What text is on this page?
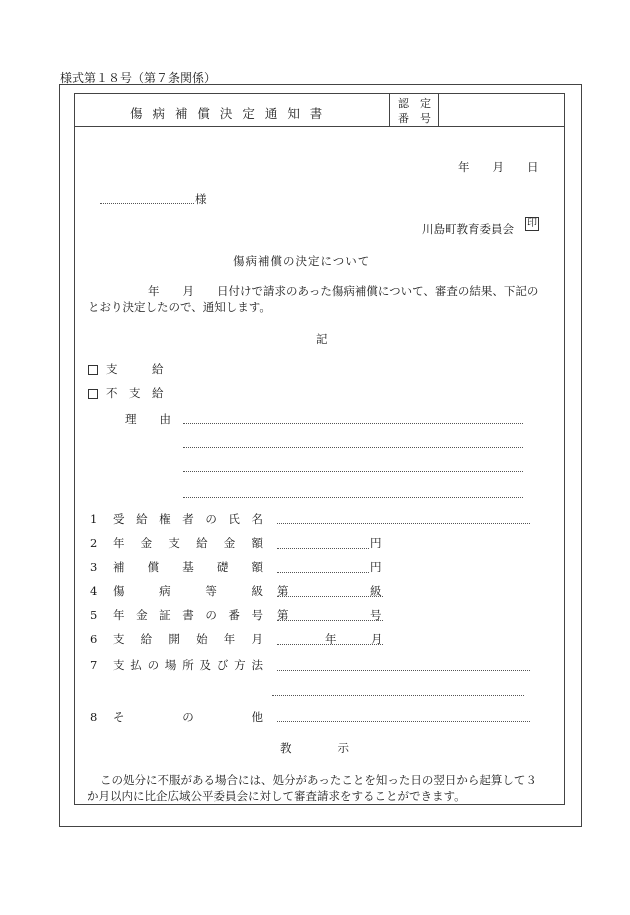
様式第１８号（第７条関係）
傷 病 補 償 決 定 通 知 書
認　定
番　号
年　　月　　日
様
川島町教育委員会 印
傷病補償の決定について
年　　月　　日付けで請求のあった傷病補償について、審査の結果、下記の
とおり決定したので、通知します。
記
支　　　給
不　支　給
理　　由
1 受給権者の氏名
2 年金支給金額	円
3 補償基礎額	円
4 傷病等級 第	級
5 年金証書の番号 第	号
6 支給開始年月	年　　　月
7 支払の場所及び方法
8 そ　の　他
教　　　　示
この処分に不服がある場合には、処分があったことを知った日の翌日から起算して３
か月以内に比企広域公平委員会に対して審査請求をすることができます。
